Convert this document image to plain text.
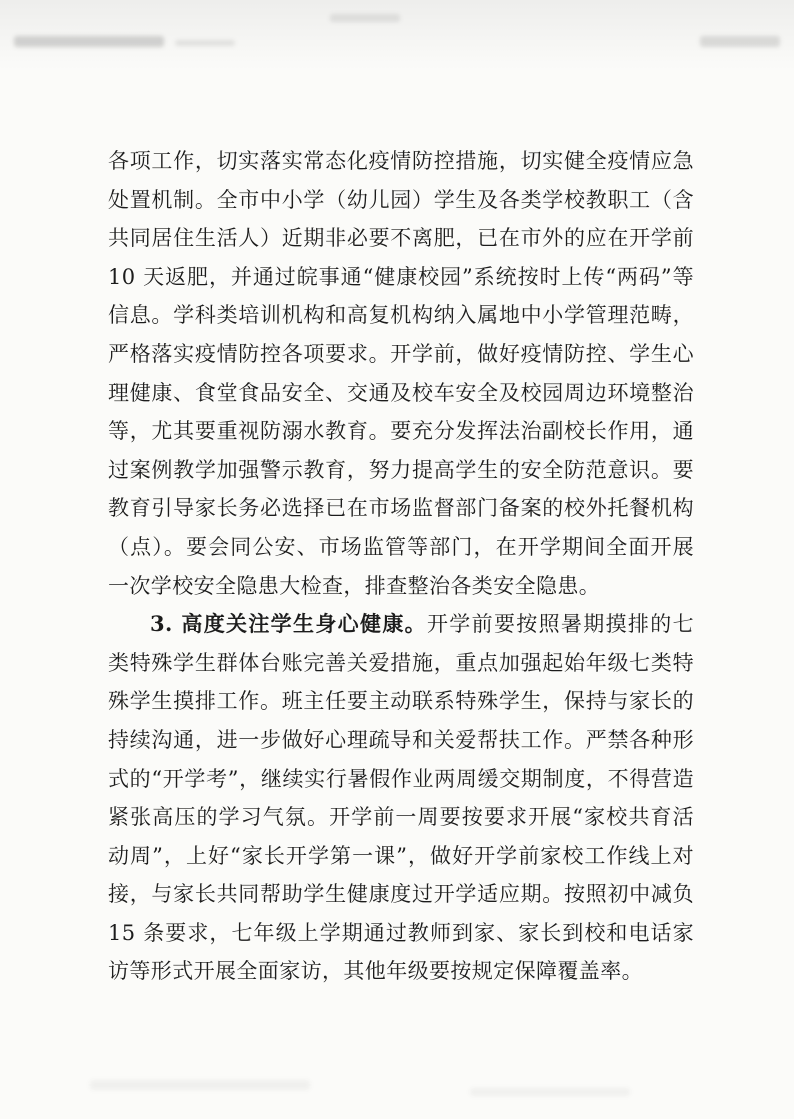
各项工作，切实落实常态化疫情防控措施，切实健全疫情应急处置机制。全市中小学（幼儿园）学生及各类学校教职工（含共同居住生活人）近期非必要不离肥，已在市外的应在开学前 10 天返肥，并通过皖事通“健康校园”系统按时上传“两码”等信息。学科类培训机构和高复机构纳入属地中小学管理范畴，严格落实疫情防控各项要求。开学前，做好疫情防控、学生心理健康、食堂食品安全、交通及校车安全及校园周边环境整治等，尤其要重视防溺水教育。要充分发挥法治副校长作用，通过案例教学加强警示教育，努力提高学生的安全防范意识。要教育引导家长务必选择已在市场监督部门备案的校外托餐机构（点）。要会同公安、市场监管等部门，在开学期间全面开展一次学校安全隐患大检查，排查整治各类安全隐患。

3. 高度关注学生身心健康。开学前要按照暑期摸排的七类特殊学生群体台账完善关爱措施，重点加强起始年级七类特殊学生摸排工作。班主任要主动联系特殊学生，保持与家长的持续沟通，进一步做好心理疏导和关爱帮扶工作。严禁各种形式的“开学考”，继续实行暑假作业两周缓交期制度，不得营造紧张高压的学习气氛。开学前一周要按要求开展“家校共育活动周”，上好“家长开学第一课”，做好开学前家校工作线上对接，与家长共同帮助学生健康度过开学适应期。按照初中减负 15 条要求，七年级上学期通过教师到家、家长到校和电话家访等形式开展全面家访，其他年级要按规定保障覆盖率。
